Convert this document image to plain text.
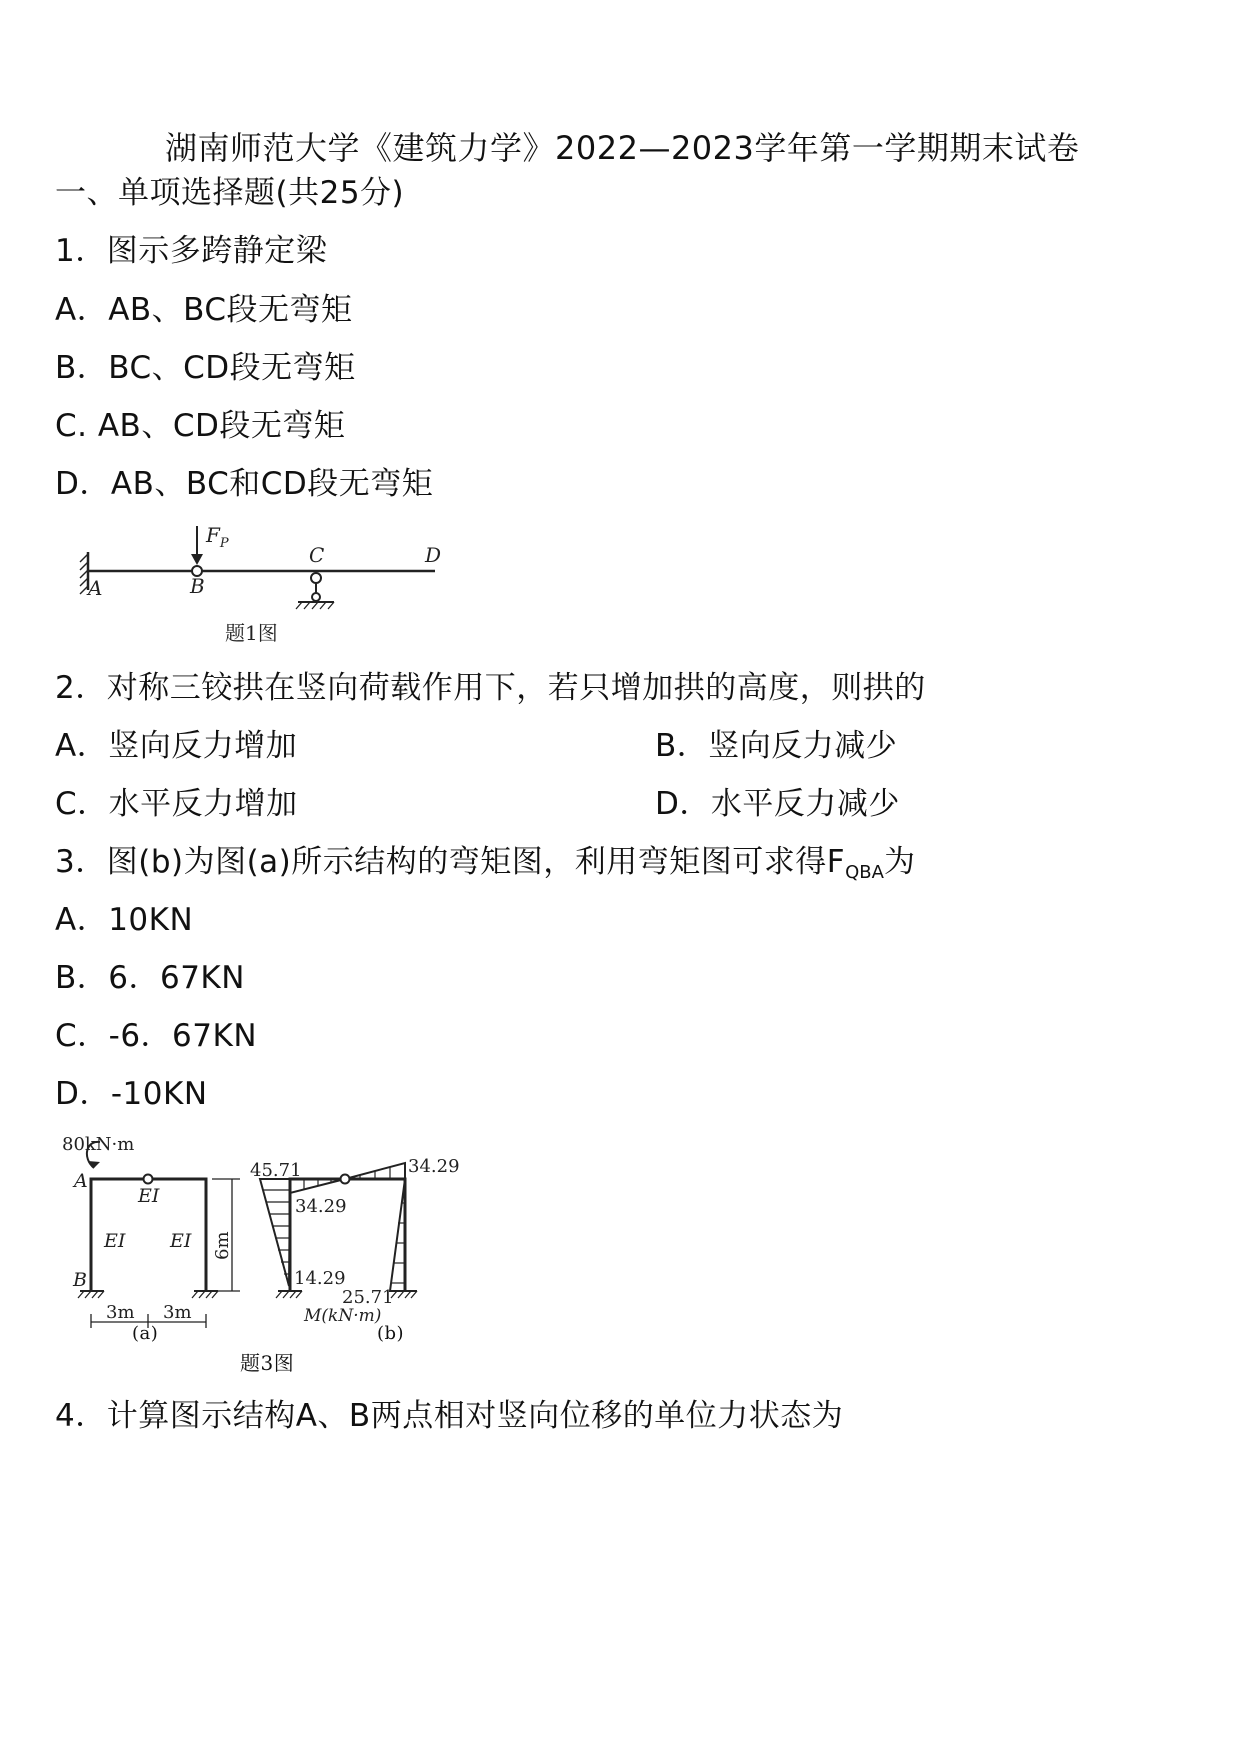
湖南师范大学《建筑力学》2022—2023学年第一学期期末试卷
一、单项选择题(共25分)
1．图示多跨静定梁
A．AB、BC段无弯矩
B．BC、CD段无弯矩
C. AB、CD段无弯矩
D．AB、BC和CD段无弯矩
$F_P$
A	B
C	D
题1图
2．对称三铰拱在竖向荷载作用下，若只增加拱的高度，则拱的
A．竖向反力增加	B．竖向反力减少
C．水平反力增加	D．水平反力减少
3．图(b)为图(a)所示结构的弯矩图，利用弯矩图可求得$F_{QBA}$为
A．10KN
B．6．67KN
C．-6．67KN
D．-10KN
80kN·m
A
B
EI
EI EI 6m
3m 3m
45.71	34.29
34.29
14.29
25.71
M(kN·m)
(a)	(b)
题3图
4．计算图示结构A、B两点相对竖向位移的单位力状态为
